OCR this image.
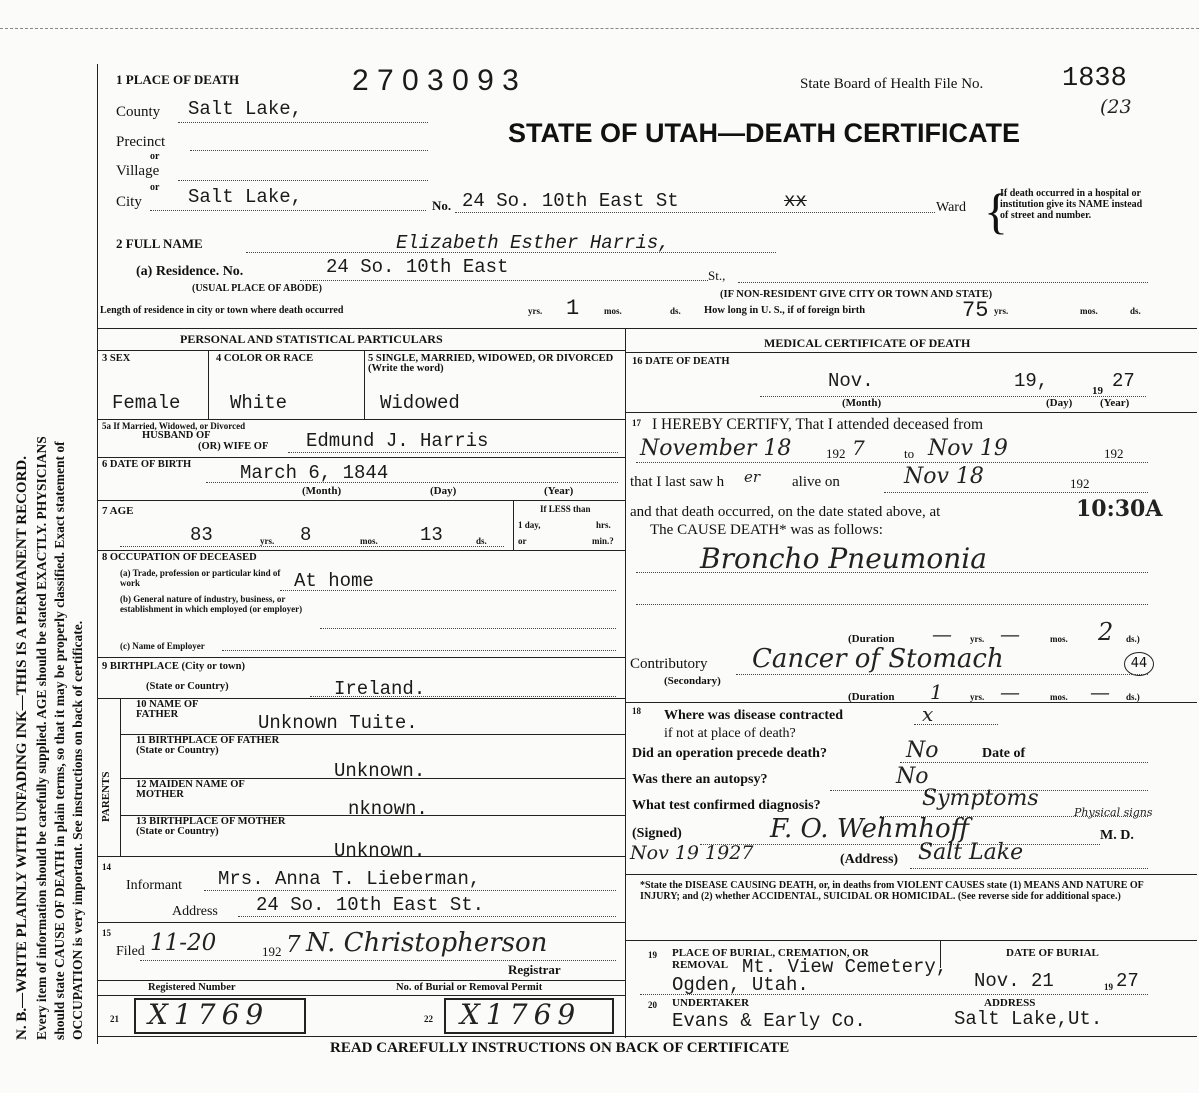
N. B.—WRITE PLAINLY WITH UNFADING INK—THIS IS A PERMANENT RECORD. Every item of information should be carefully supplied. AGE should be stated EXACTLY. PHYSICIANS should state CAUSE OF DEATH in plain terms, so that it may be properly classified. Exact statement of OCCUPATION is very important. See instructions on back of certificate.
1 PLACE OF DEATH	2 7 0 3 0 9 3	State Board of Health File No.	1838
(23
STATE OF UTAH—DEATH CERTIFICATE
County Salt Lake,
Precinct
or
Village
or
City Salt Lake,	No. 24 So. 10th East St	xx	Ward {
If death occurred in a hospital or institution give its NAME instead of street and number.
2 FULL NAME	Elizabeth Esther Harris,
(a) Residence. No.	24 So. 10th East	St.,
(USUAL PLACE OF ABODE)
(IF NON-RESIDENT GIVE CITY OR TOWN AND STATE)
Length of residence in city or town where death occurred	yrs. 1	mos.	ds. How long in U. S., if of foreign birth	75 yrs.	mos.	ds.
PERSONAL AND STATISTICAL PARTICULARS
3 SEX	4 COLOR OR RACE	5 SINGLE, MARRIED, WIDOWED, OR DIVORCED (Write the word)
Female	White	Widowed
5a If Married, Widowed, or Divorced
HUSBAND OF
(OR) WIFE OF Edmund J. Harris
6 DATE OF BIRTH	March 6, 1844
(Month)	(Day)	(Year)
7 AGE
83	yrs. 8	mos. 13	ds.
If LESS than
1 day,	hrs.
or	min.?
8 OCCUPATION OF DECEASED
(a) Trade, profession or particular kind of work	At home
(b) General nature of industry, business, or establishment in which employed (or employer)
(c) Name of Employer
9 BIRTHPLACE (City or town)
(State or Country)	Ireland.
PARENTS
10 NAME OF FATHER	Unknown Tuite.
11 BIRTHPLACE OF FATHER (State or Country)
Unknown.
12 MAIDEN NAME OF MOTHER
nknown.
13 BIRTHPLACE OF MOTHER (State or Country)
Unknown.
14
Informant Mrs. Anna T. Lieberman,
Address 24 So. 10th East St.
15
Filed 11-20	192 7 N. Christopherson
Registrar
Registered Number	No. of Burial or Removal Permit
21 X1769	22 X1769
MEDICAL CERTIFICATE OF DEATH
16 DATE OF DEATH
Nov.	19,	19 27
(Month)	(Day)	(Year)
17 I HEREBY CERTIFY, That I attended deceased from
November 18	192 7	to Nov 19	192
that I last saw h er alive on	Nov 18	192
and that death occurred, on the date stated above, at	10:30A
The CAUSE DEATH* was as follows:
Broncho Pneumonia
(Duration — yrs. —	mos. 2 ds.)
Contributory
(Secondary)
Cancer of Stomach	44
(Duration 1	yrs. —	mos. — ds.)
18 Where was disease contracted	x
if not at place of death?
Did an operation precede death?	No	Date of
Was there an autopsy?	No
What test confirmed diagnosis?	Symptoms
Physical signs
(Signed)	F. O. Wehmhoff	M. D.
Nov 19 1927	(Address) Salt Lake
*State the DISEASE CAUSING DEATH, or, in deaths from VIOLENT CAUSES state (1) MEANS AND NATURE OF INJURY; and (2) whether ACCIDENTAL, SUICIDAL OR HOMICIDAL. (See reverse side for additional space.)
19 PLACE OF BURIAL, CREMATION, OR
REMOVAL
DATE OF BURIAL
Mt. View Cemetery,
Ogden, Utah.	Nov. 21	19 27
20 UNDERTAKER	ADDRESS
Evans & Early Co.	Salt Lake,Ut.
READ CAREFULLY INSTRUCTIONS ON BACK OF CERTIFICATE
